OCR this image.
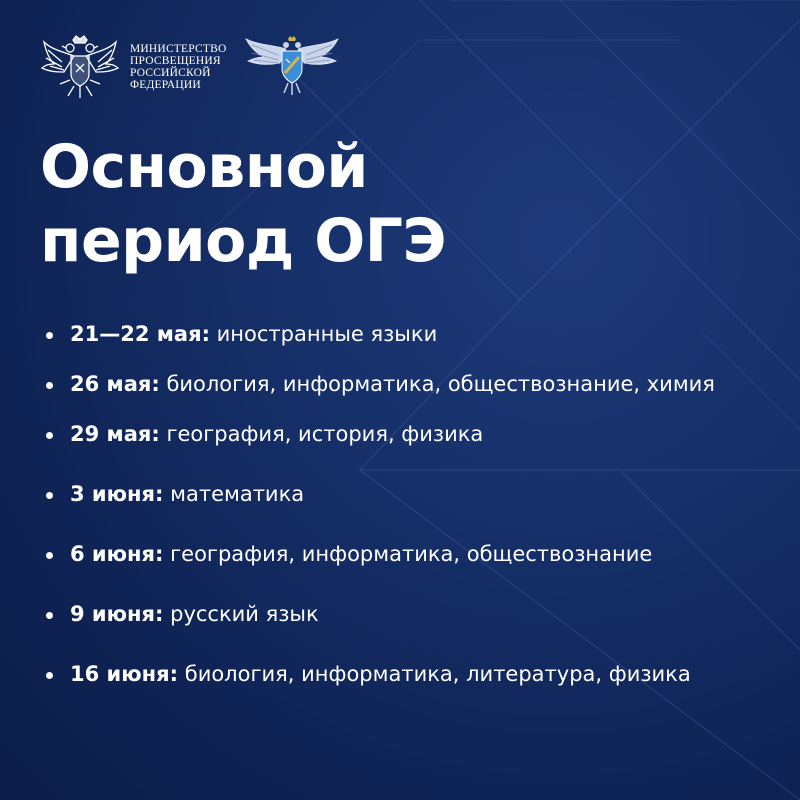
МИНИСТЕРСТВО
ПРОСВЕЩЕНИЯ
РОССИЙСКОЙ
ФЕДЕРАЦИИ
Основной
период ОГЭ
21—22 мая: иностранные языки
26 мая: биология, информатика, обществознание, химия
29 мая: география, история, физика
3 июня: математика
6 июня: география, информатика, обществознание
9 июня: русский язык
16 июня: биология, информатика, литература, физика
